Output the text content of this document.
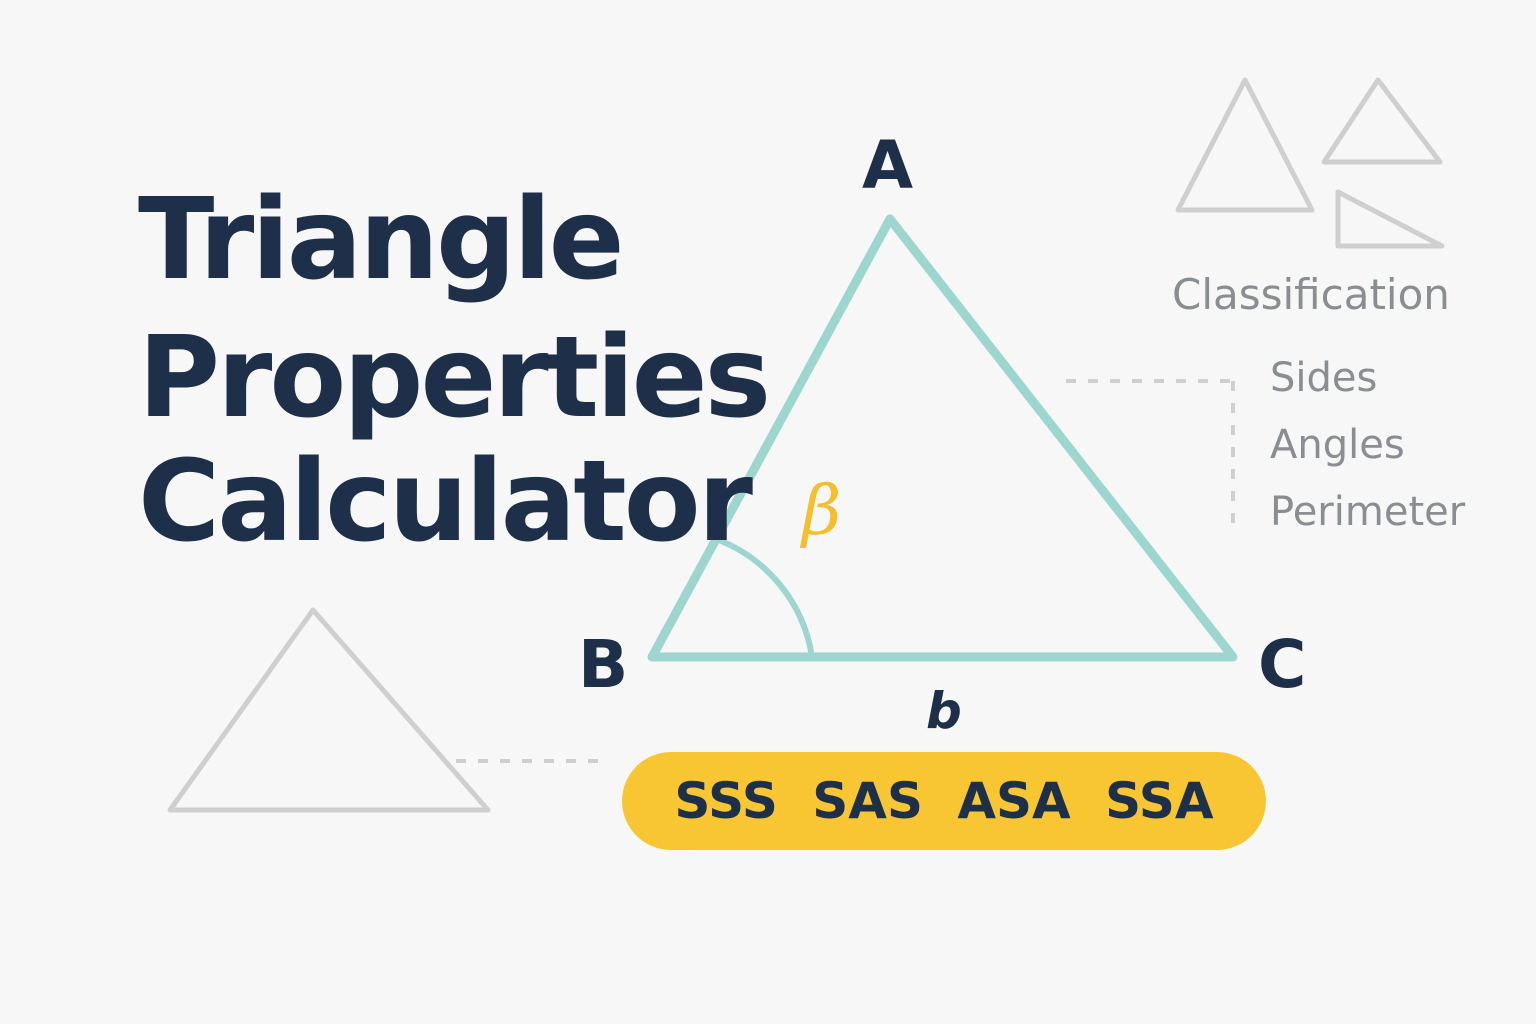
Triangle
Properties
Calculator
A
B	C
b
β
Classification
Sides
Angles
Perimeter
SSS SAS ASA SSA
